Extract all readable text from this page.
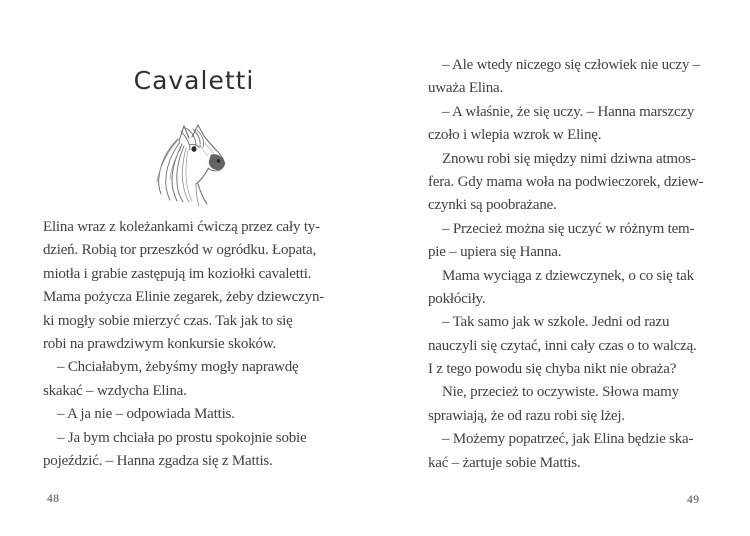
Cavaletti
Elina wraz z koleżankami ćwiczą przez cały ty-
dzień. Robią tor przeszkód w ogródku. Łopata,
miotła i grabie zastępują im koziołki cavaletti.
Mama pożycza Elinie zegarek, żeby dziewczyn-
ki mogły sobie mierzyć czas. Tak jak to się
robi na prawdziwym konkursie skoków.
– Chciałabym, żebyśmy mogły naprawdę
skakać – wzdycha Elina.
– A ja nie – odpowiada Mattis.
– Ja bym chciała po prostu spokojnie sobie
pojeździć. – Hanna zgadza się z Mattis.
48
– Ale wtedy niczego się człowiek nie uczy –
uważa Elina.
– A właśnie, że się uczy. – Hanna marszczy
czoło i wlepia wzrok w Elinę.
Znowu robi się między nimi dziwna atmos-
fera. Gdy mama woła na podwieczorek, dziew-
czynki są poobrażane.
– Przecież można się uczyć w różnym tem-
pie – upiera się Hanna.
Mama wyciąga z dziewczynek, o co się tak
pokłóciły.
– Tak samo jak w szkole. Jedni od razu
nauczyli się czytać, inni cały czas o to walczą.
I z tego powodu się chyba nikt nie obraża?
Nie, przecież to oczywiste. Słowa mamy
sprawiają, że od razu robi się lżej.
– Możemy popatrzeć, jak Elina będzie ska-
kać – żartuje sobie Mattis.
49
